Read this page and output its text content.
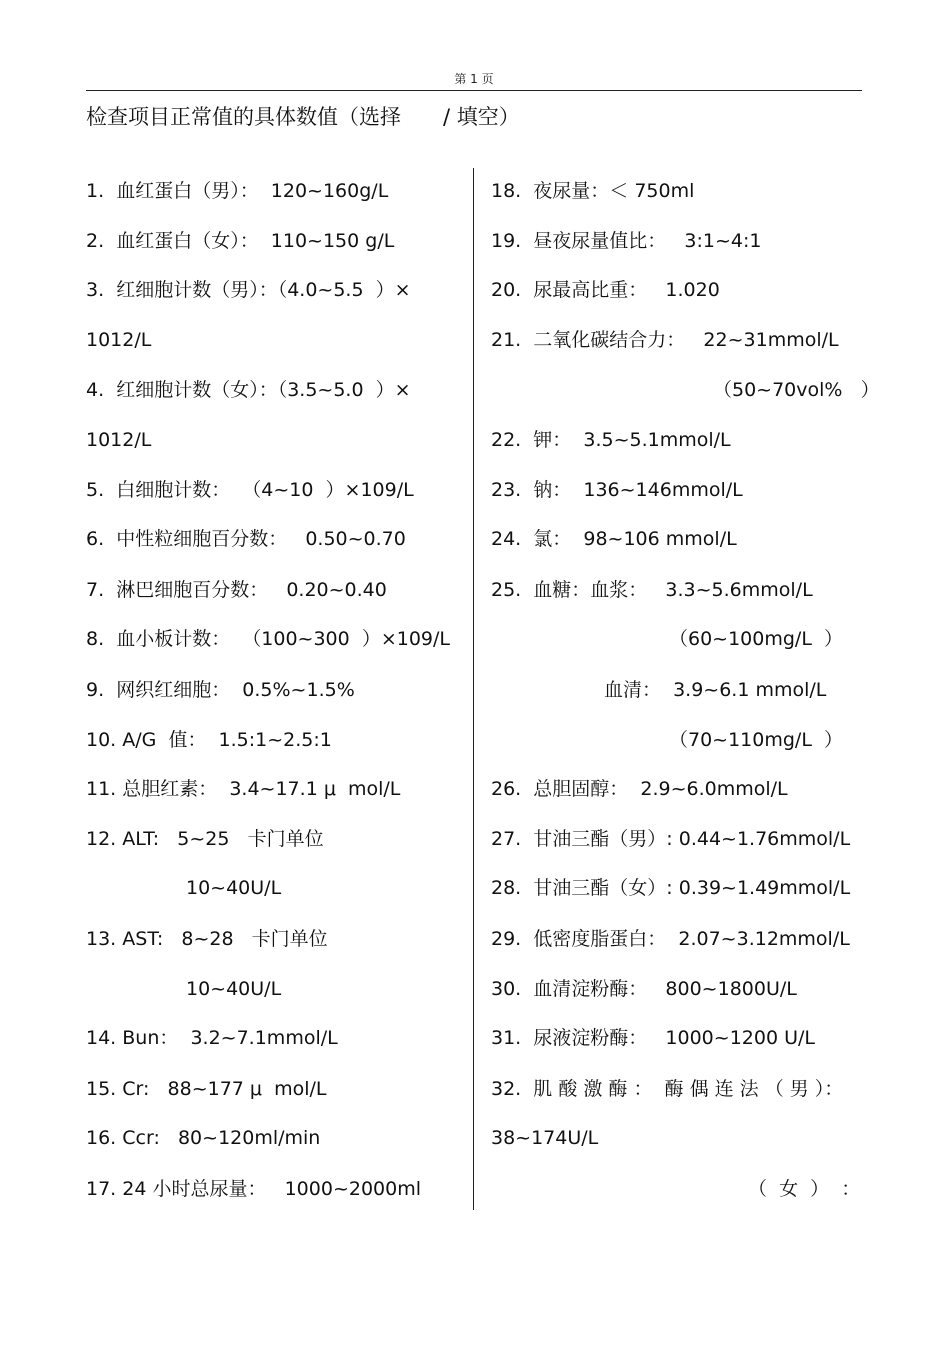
第 1 页
检查项目正常值的具体数值（选择　　/ 填空）
1.  血红蛋白（男）：  120~160g/L
2.  血红蛋白（女）：  110~150 g/L
3.  红细胞计数（男）：（4.0~5.5  ）×
1012/L
4.  红细胞计数（女）：（3.5~5.0  ）×
1012/L
5.  白细胞计数：  （4~10  ）×109/L
6.  中性粒细胞百分数：   0.50~0.70
7.  淋巴细胞百分数：   0.20~0.40
8.  血小板计数：  （100~300  ）×109/L
9.  网织红细胞：  0.5%~1.5%
10. A/G  值：  1.5:1~2.5:1
11. 总胆红素：  3.4~17.1 μ  mol/L
12. ALT:   5~25   卡门单位
10~40U/L
13. AST:   8~28   卡门单位
10~40U/L
14. Bun：  3.2~7.1mmol/L
15. Cr:   88~177 μ  mol/L
16. Ccr:   80~120ml/min
17. 24 小时总尿量：   1000~2000ml
18.  夜尿量：＜ 750ml
19.  昼夜尿量值比：   3:1~4:1
20.  尿最高比重：   1.020
21.  二氧化碳结合力：   22~31mmol/L
（50~70vol%   ）
22.  钾：  3.5~5.1mmol/L
23.  钠：  136~146mmol/L
24.  氯：  98~106 mmol/L
25.  血糖：血浆：   3.3~5.6mmol/L
（60~100mg/L  ）
血清：  3.9~6.1 mmol/L
（70~110mg/L  ）
26.  总胆固醇：  2.9~6.0mmol/L
27.  甘油三酯（男）: 0.44~1.76mmol/L
28.  甘油三酯（女）: 0.39~1.49mmol/L
29.  低密度脂蛋白：  2.07~3.12mmol/L
30.  血清淀粉酶：   800~1800U/L
31.  尿液淀粉酶：   1000~1200 U/L
32.  肌 酸 激 酶 ：  酶 偶 连 法 （ 男 ）：
38~174U/L
（  女  ）  ：
